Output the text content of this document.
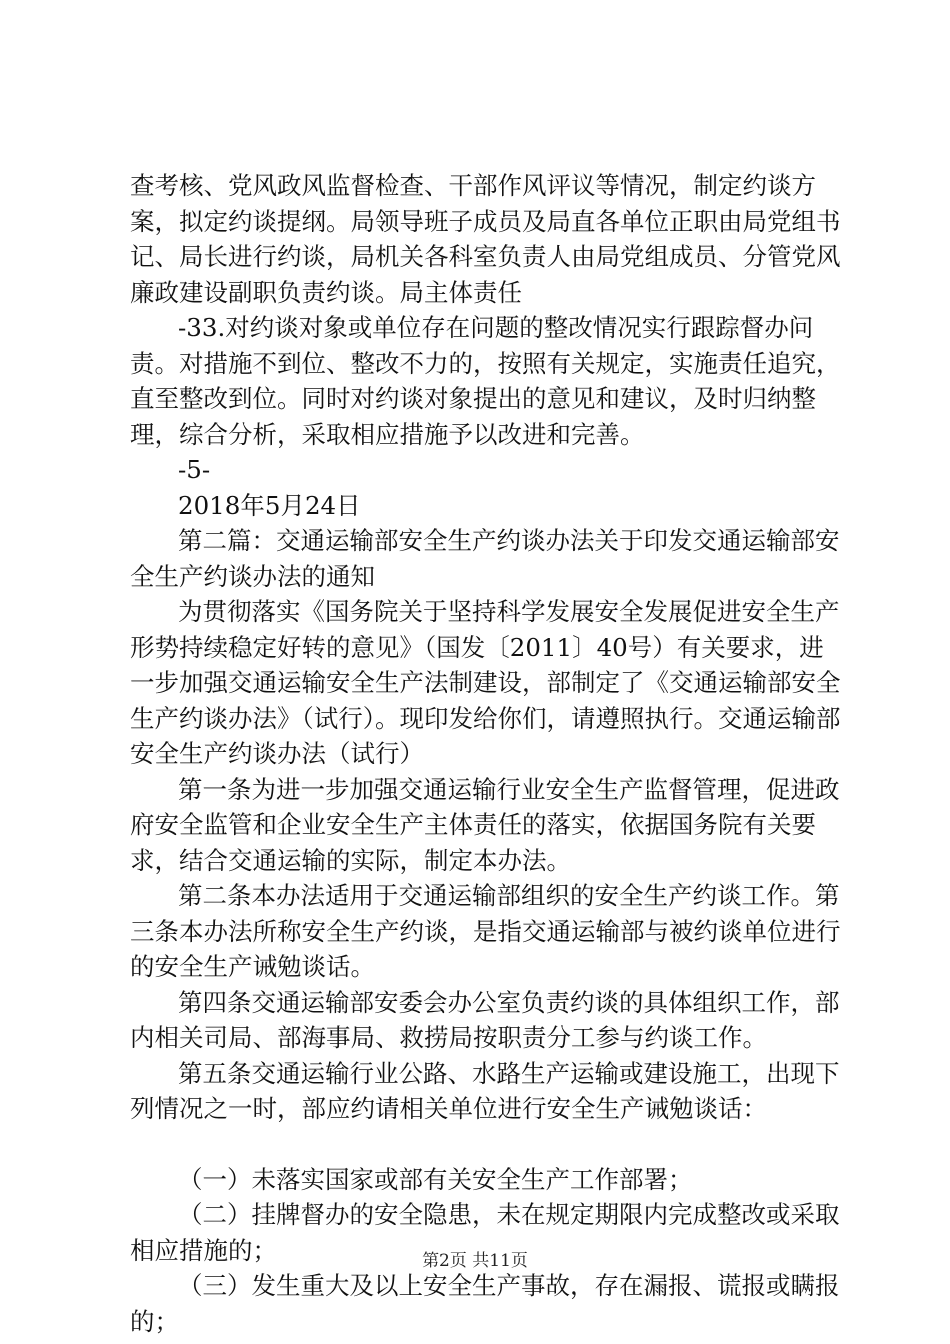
查考核、党风政风监督检查、干部作风评议等情况，制定约谈方案，拟定约谈提纲。局领导班子成员及局直各单位正职由局党组书记、局长进行约谈，局机关各科室负责人由局党组成员、分管党风廉政建设副职负责约谈。局主体责任

-33.对约谈对象或单位存在问题的整改情况实行跟踪督办问责。对措施不到位、整改不力的，按照有关规定，实施责任追究，直至整改到位。同时对约谈对象提出的意见和建议，及时归纳整理，综合分析，采取相应措施予以改进和完善。

-5-

2018年5月24日

第二篇：交通运输部安全生产约谈办法关于印发交通运输部安全生产约谈办法的通知

为贯彻落实《国务院关于坚持科学发展安全发展促进安全生产形势持续稳定好转的意见》（国发〔2011〕40号）有关要求，进一步加强交通运输安全生产法制建设，部制定了《交通运输部安全生产约谈办法》（试行）。现印发给你们，请遵照执行。交通运输部安全生产约谈办法（试行）

第一条为进一步加强交通运输行业安全生产监督管理，促进政府安全监管和企业安全生产主体责任的落实，依据国务院有关要求，结合交通运输的实际，制定本办法。

第二条本办法适用于交通运输部组织的安全生产约谈工作。第三条本办法所称安全生产约谈，是指交通运输部与被约谈单位进行的安全生产诫勉谈话。

第四条交通运输部安委会办公室负责约谈的具体组织工作，部内相关司局、部海事局、救捞局按职责分工参与约谈工作。

第五条交通运输行业公路、水路生产运输或建设施工，出现下列情况之一时，部应约请相关单位进行安全生产诫勉谈话：

（一）未落实国家或部有关安全生产工作部署；

（二）挂牌督办的安全隐患，未在规定期限内完成整改或采取相应措施的；

（三）发生重大及以上安全生产事故，存在漏报、谎报或瞒报的；

第2页 共11页
